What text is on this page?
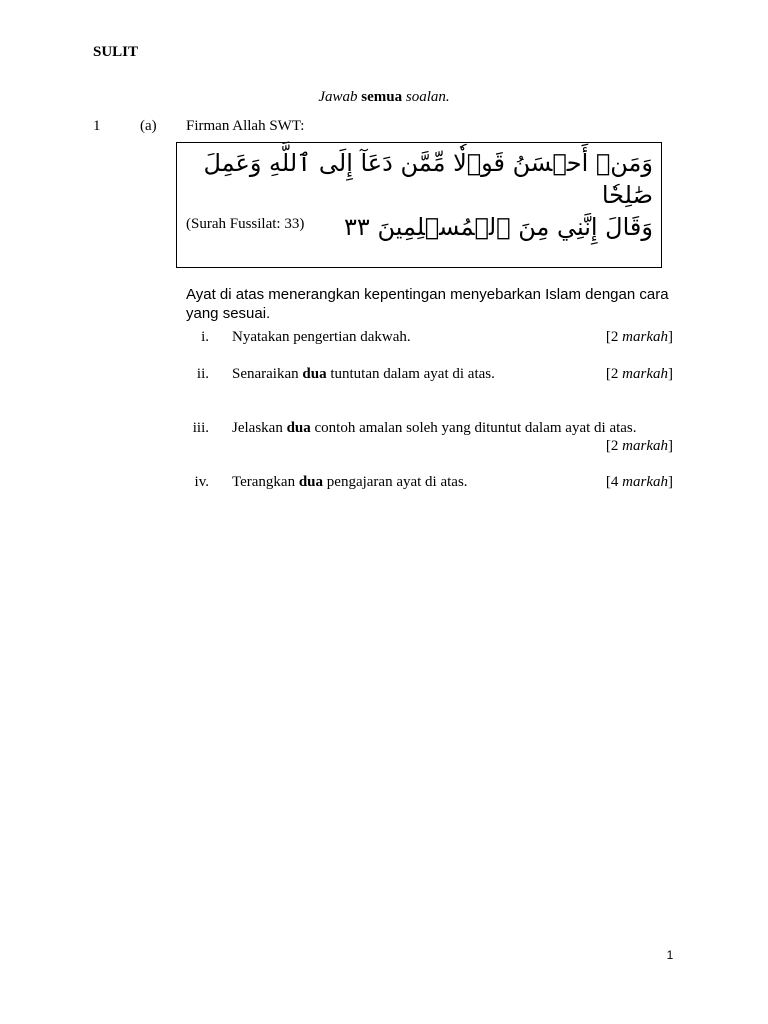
SULIT
Jawab semua soalan.
1	(a) Firman Allah SWT:
وَمَنۡ أَحۡسَنُ قَوۡلٗا مِّمَّن دَعَآ إِلَى ٱللَّهِ وَعَمِلَ صَٰلِحٗا
وَقَالَ إِنَّنِي مِنَ ٱلۡمُسۡلِمِينَ ٣٣
(Surah Fussilat: 33)
Ayat di atas menerangkan kepentingan menyebarkan Islam dengan cara yang sesuai.
i. Nyatakan pengertian dakwah.	[2 markah]
ii. Senaraikan dua tuntutan dalam ayat di atas.	[2 markah]
iii. Jelaskan dua contoh amalan soleh yang dituntut dalam ayat di atas.
[2 markah]
iv. Terangkan dua pengajaran ayat di atas.	[4 markah]
1
